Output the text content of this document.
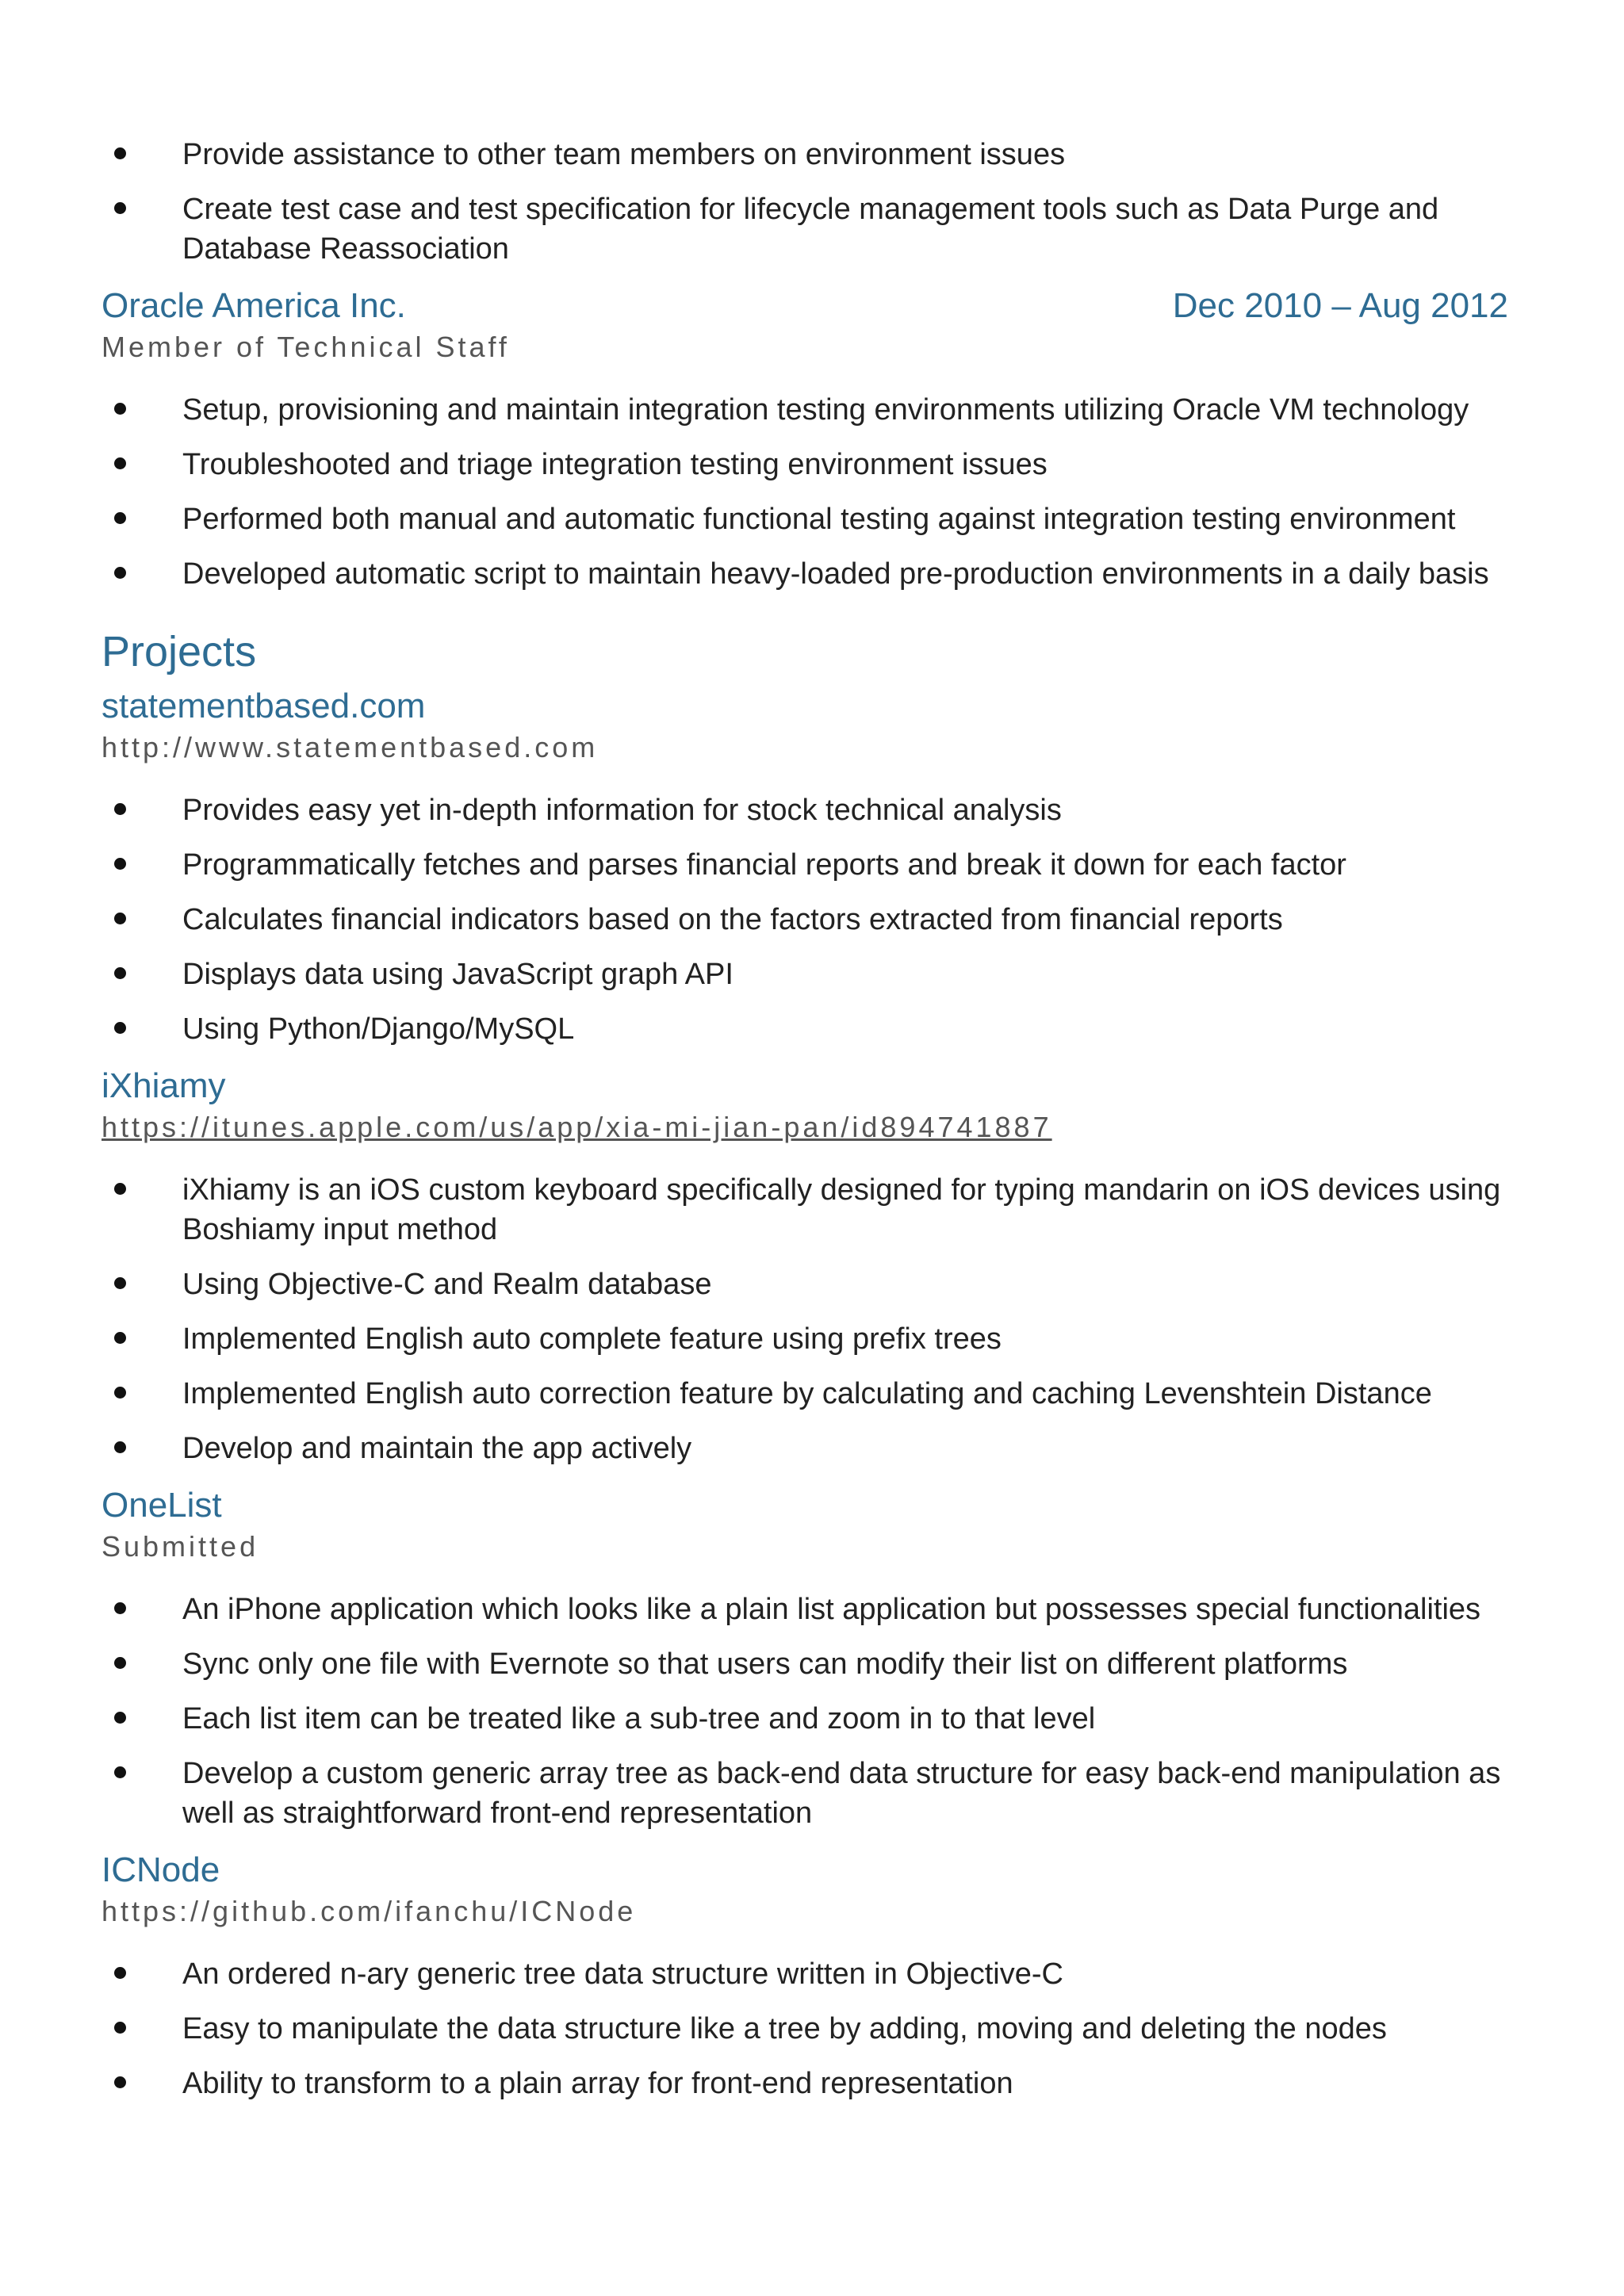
Provide assistance to other team members on environment issues
Create test case and test specification for lifecycle management tools such as Data Purge and Database Reassociation
Oracle America Inc.	Dec 2010 – Aug 2012
Member of Technical Staff
Setup, provisioning and maintain integration testing environments utilizing Oracle VM technology
Troubleshooted and triage integration testing environment issues
Performed both manual and automatic functional testing against integration testing environment
Developed automatic script to maintain heavy-loaded pre-production environments in a daily basis
Projects
statementbased.com
http://www.statementbased.com
Provides easy yet in-depth information for stock technical analysis
Programmatically fetches and parses financial reports and break it down for each factor
Calculates financial indicators based on the factors extracted from financial reports
Displays data using JavaScript graph API
Using Python/Django/MySQL
iXhiamy
https://itunes.apple.com/us/app/xia-mi-jian-pan/id894741887
iXhiamy is an iOS custom keyboard specifically designed for typing mandarin on iOS devices using Boshiamy input method
Using Objective-C and Realm database
Implemented English auto complete feature using prefix trees
Implemented English auto correction feature by calculating and caching Levenshtein Distance
Develop and maintain the app actively
OneList
Submitted
An iPhone application which looks like a plain list application but possesses special functionalities
Sync only one file with Evernote so that users can modify their list on different platforms
Each list item can be treated like a sub-tree and zoom in to that level
Develop a custom generic array tree as back-end data structure for easy back-end manipulation as well as straightforward front-end representation
ICNode
https://github.com/ifanchu/ICNode
An ordered n-ary generic tree data structure written in Objective-C
Easy to manipulate the data structure like a tree by adding, moving and deleting the nodes
Ability to transform to a plain array for front-end representation
